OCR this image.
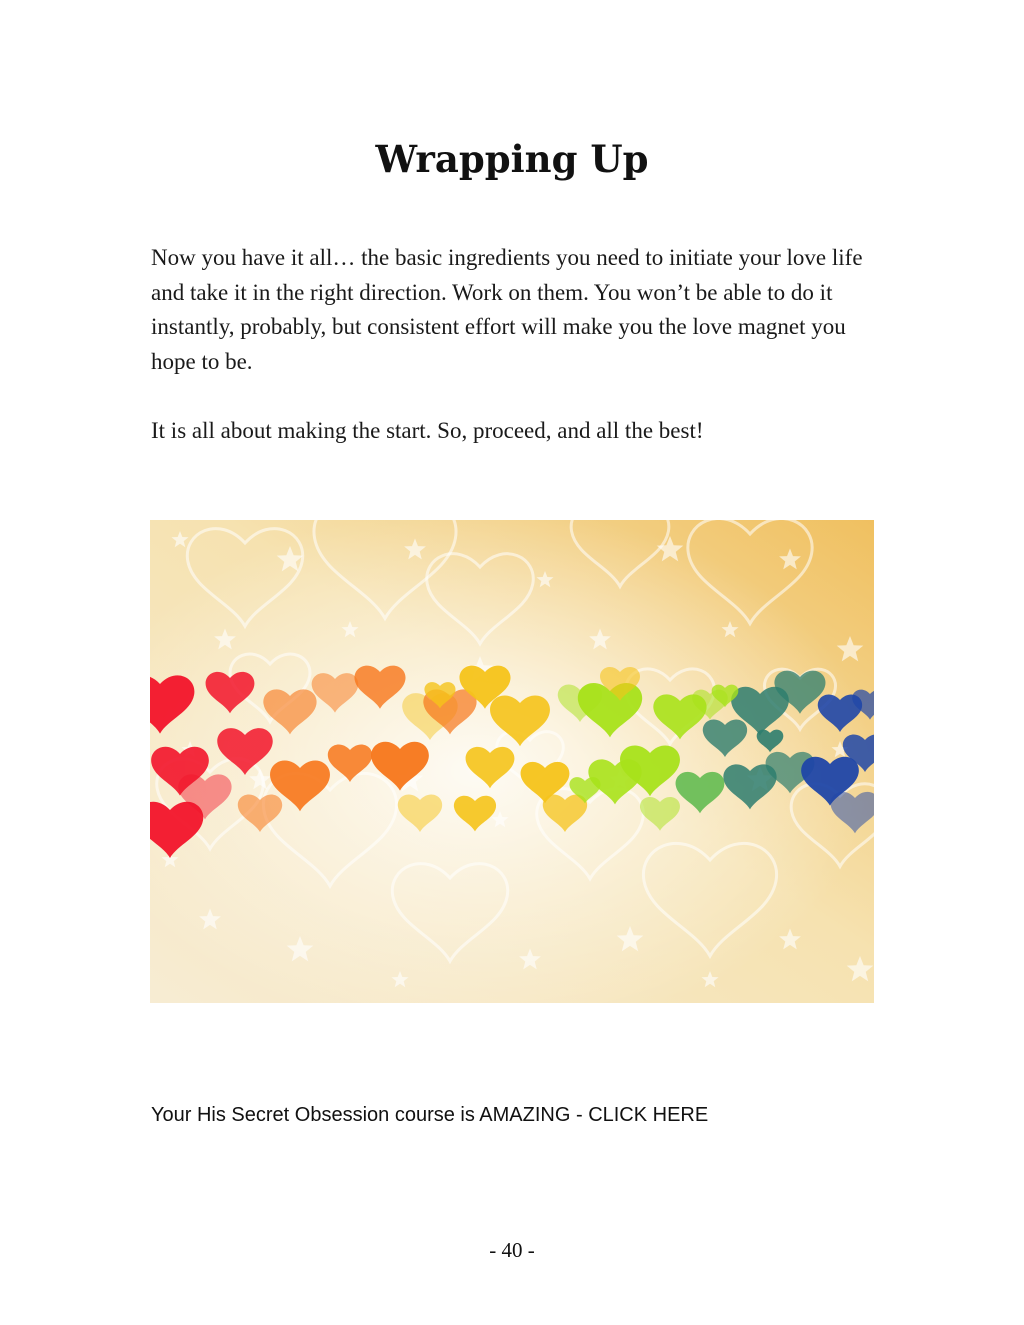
Wrapping Up

Now you have it all… the basic ingredients you need to initiate your love life and take it in the right direction. Work on them. You won’t be able to do it instantly, probably, but consistent effort will make you the love magnet you hope to be.

It is all about making the start. So, proceed, and all the best!

Your His Secret Obsession course is AMAZING - CLICK HERE
- 40 -
